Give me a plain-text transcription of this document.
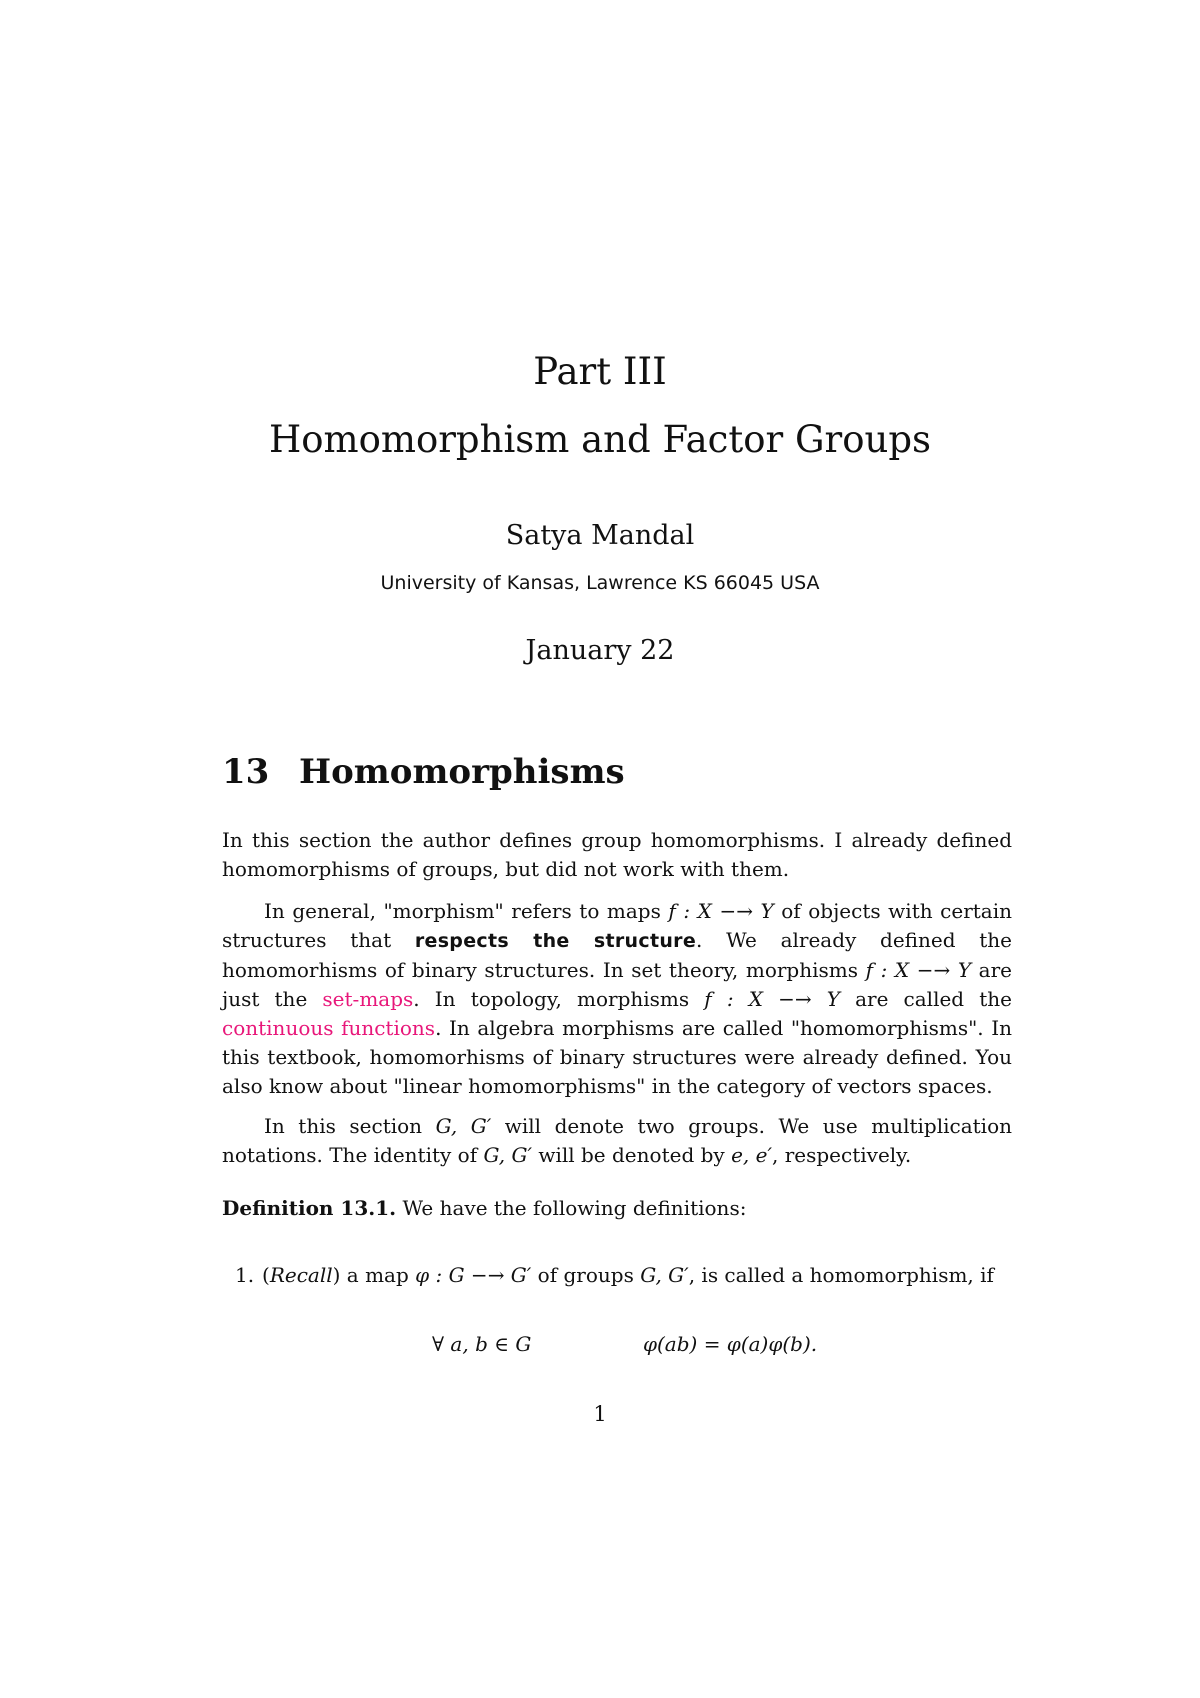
Part III
Homomorphism and Factor Groups
Satya Mandal
University of Kansas, Lawrence KS 66045 USA
January 22
13 Homomorphisms
In this section the author defines group homomorphisms. I already defined homomorphisms of groups, but did not work with them.
In general, "morphism" refers to maps f : X −→ Y of objects with certain structures that respects the structure. We already defined the homomorhisms of binary structures. In set theory, morphisms f : X −→ Y are just the set-maps. In topology, morphisms f : X −→ Y are called the continuous functions. In algebra morphisms are called "homomorphisms". In this textbook, homomorhisms of binary structures were already defined. You also know about "linear homomorphisms" in the category of vectors spaces.
In this section G, G′ will denote two groups. We use multiplication notations. The identity of G, G′ will be denoted by e, e′, respectively.
Definition 13.1. We have the following definitions:
1. (Recall) a map φ : G −→ G′ of groups G, G′, is called a homomorphism, if
∀ a, b ∈ G	φ(ab) = φ(a)φ(b).
1
